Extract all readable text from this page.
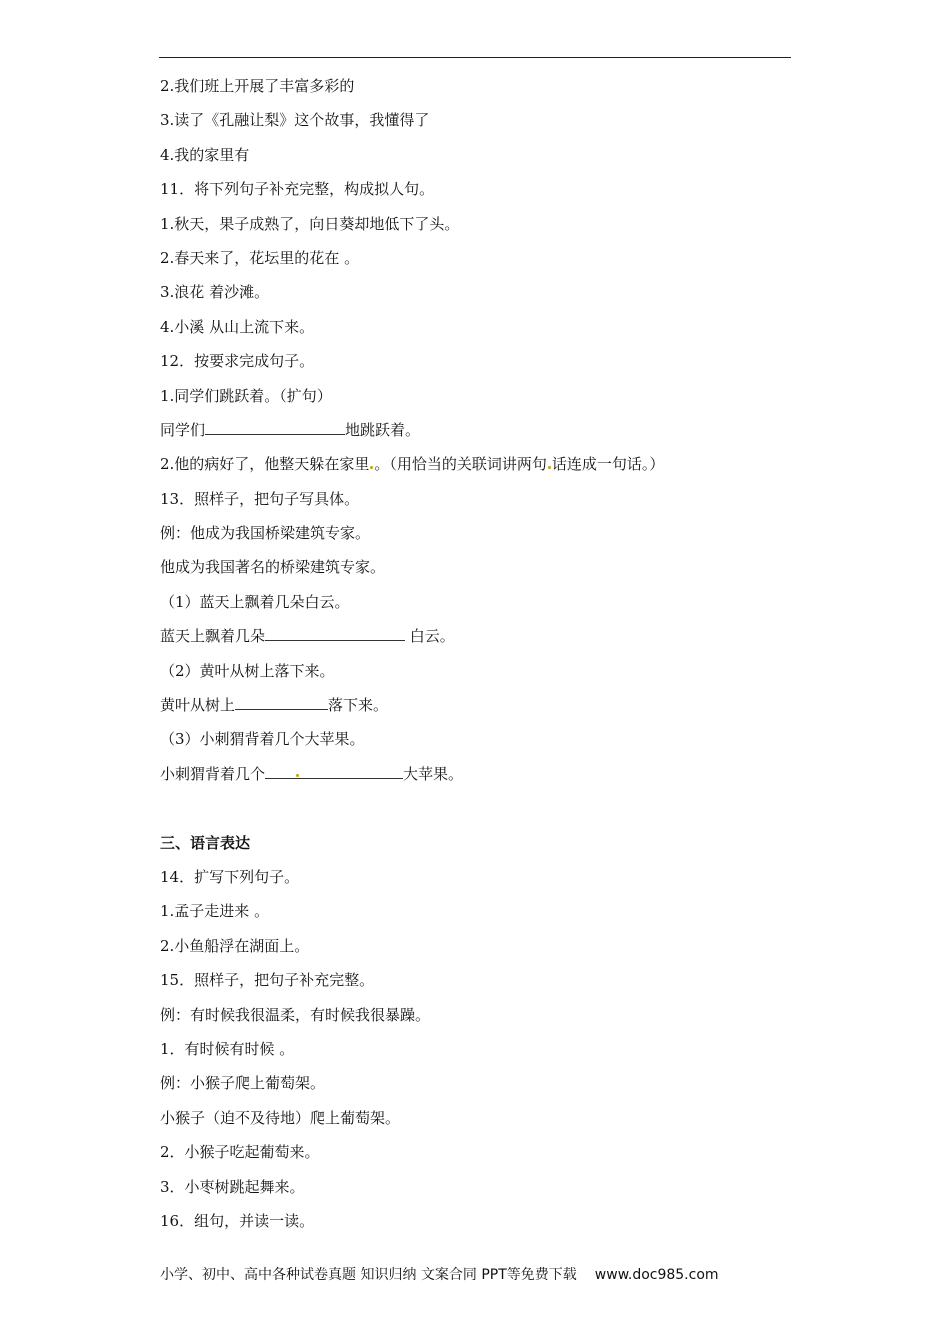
2.我们班上开展了丰富多彩的
3.读了《孔融让梨》这个故事，我懂得了
4.我的家里有
11．将下列句子补充完整，构成拟人句。
1.秋天，果子成熟了，向日葵却地低下了头。
2.春天来了，花坛里的花在 。
3.浪花 着沙滩。
4.小溪 从山上流下来。
12．按要求完成句子。
1.同学们跳跃着。（扩句）
同学们	地跳跃着。
2.他的病好了，他整天躲在家里 。（用恰当的关联词讲两句 话连成一句话。）
13．照样子，把句子写具体。
例：他成为我国桥梁建筑专家。
他成为我国著名的桥梁建筑专家。
（1）蓝天上飘着几朵白云。
蓝天上飘着几朵	白云。
（2）黄叶从树上落下来。
黄叶从树上	落下来。
（3）小刺猬背着几个大苹果。
小刺猬背着几个	大苹果。
三、语言表达
14．扩写下列句子。
1.孟子走进来 。
2.小鱼船浮在湖面上。
15．照样子，把句子补充完整。
例：有时候我很温柔，有时候我很暴躁。
1．有时候有时候 。
例：小猴子爬上葡萄架。
小猴子（迫不及待地）爬上葡萄架。
2．小猴子吃起葡萄来。
3．小枣树跳起舞来。
16．组句，并读一读。
小学、初中、高中各种试卷真题 知识归纳 文案合同 PPT等免费下载 www.doc985.com
